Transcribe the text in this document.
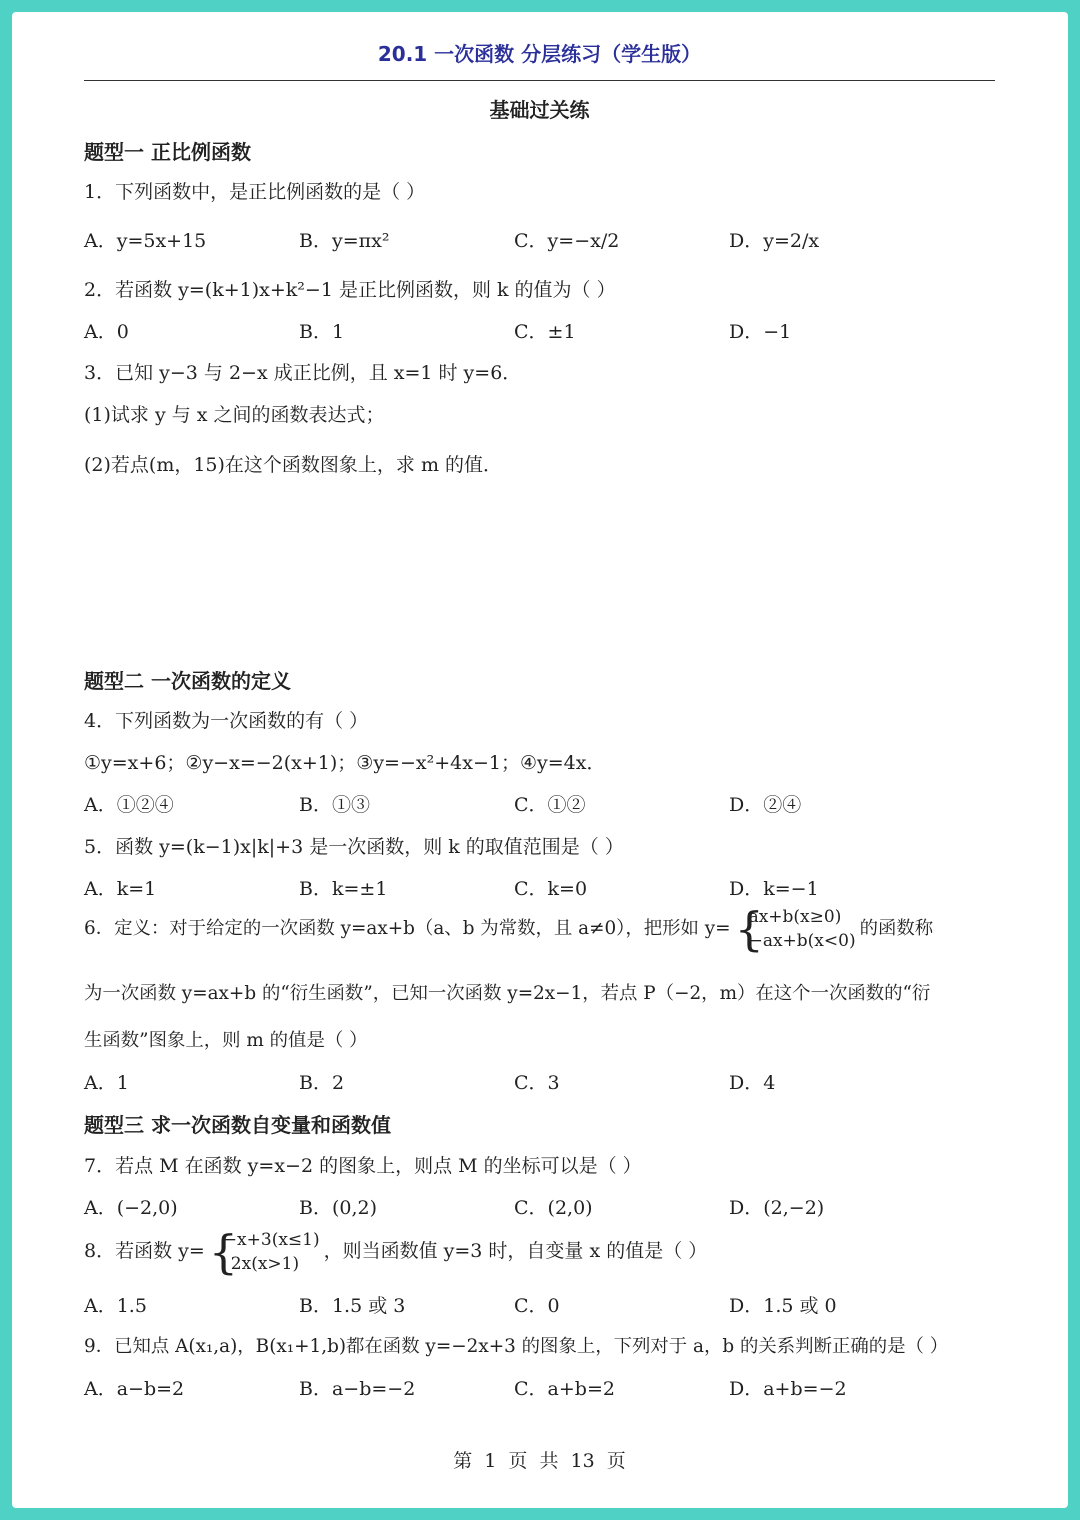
20.1 一次函数 分层练习（学生版）
基础过关练
题型一 正比例函数
1．下列函数中，是正比例函数的是（ ）
A．y=5x+15	B．y=πx²	C．y=−x/2	D．y=2/x
2．若函数 y=(k+1)x+k²−1 是正比例函数，则 k 的值为（ ）
A．0	B．1	C．±1	D．−1
3．已知 y−3 与 2−x 成正比例，且 x=1 时 y=6．
(1)试求 y 与 x 之间的函数表达式；
(2)若点(m，15)在这个函数图象上，求 m 的值．
题型二 一次函数的定义
4．下列函数为一次函数的有（ ）
①y=x+6；②y−x=−2(x+1)；③y=−x²+4x−1；④y=4x．
A．①②④	B．①③	C．①②	D．②④
5．函数 y=(k−1)x|k|+3 是一次函数，则 k 的取值范围是（ ）
A．k=1	B．k=±1	C．k=0	D．k=−1
6．定义：对于给定的一次函数 y=ax+b（a、b 为常数，且 a≠0），把形如 y= {
ax+b(x≥0)
−ax+b(x<0)
的函数称
为一次函数 y=ax+b 的“衍生函数”，已知一次函数 y=2x−1，若点 P（−2，m）在这个一次函数的“衍
生函数”图象上，则 m 的值是（ ）
A．1	B．2	C．3	D．4
题型三 求一次函数自变量和函数值
7．若点 M 在函数 y=x−2 的图象上，则点 M 的坐标可以是（ ）
A．(−2,0)	B．(0,2)	C．(2,0)	D．(2,−2)
8．若函数 y= {
−x+3(x≤1)
2x(x>1)
，则当函数值 y=3 时，自变量 x 的值是（ ）
A．1.5	B．1.5 或 3	C．0	D．1.5 或 0
9．已知点 A(x₁,a)，B(x₁+1,b)都在函数 y=−2x+3 的图象上，下列对于 a，b 的关系判断正确的是（ ）
A．a−b=2	B．a−b=−2	C．a+b=2	D．a+b=−2
第 1 页 共 13 页
